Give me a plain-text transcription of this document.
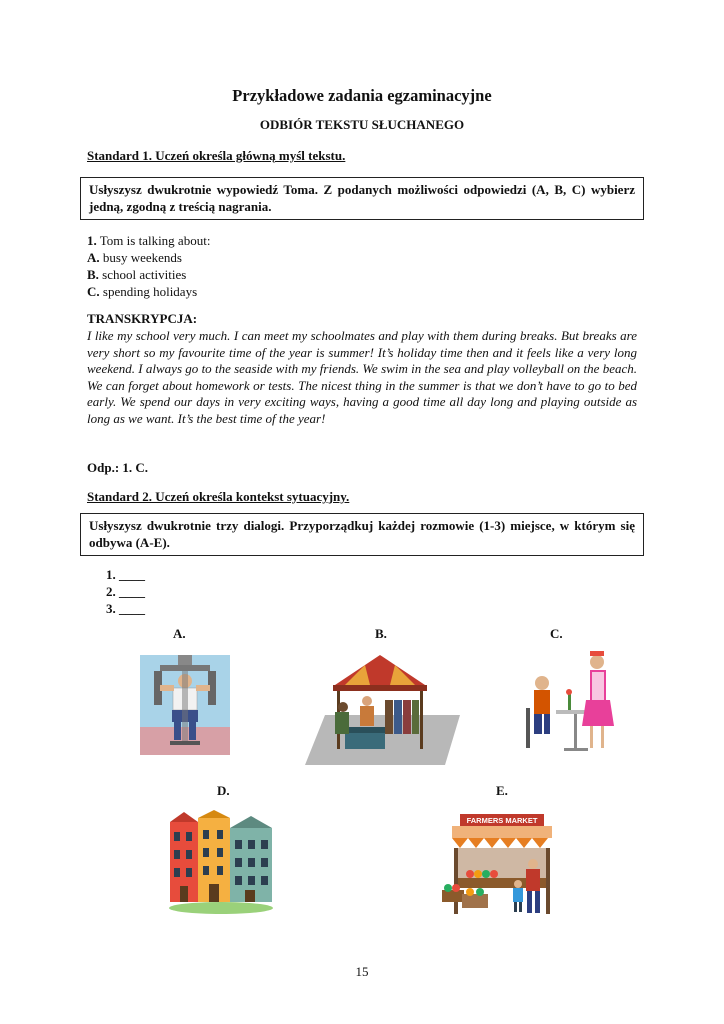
Przykładowe zadania egzaminacyjne
ODBIÓR TEKSTU SŁUCHANEGO
Standard 1. Uczeń określa główną myśl tekstu.
Usłyszysz dwukrotnie wypowiedź Toma. Z podanych możliwości odpowiedzi (A, B, C) wybierz jedną, zgodną z treścią nagrania.
1. Tom is talking about:
A. busy weekends
B. school activities
C. spending holidays
TRANSKRYPCJA:
I like my school very much. I can meet my schoolmates and play with them during breaks. But breaks are very short so my favourite time of the year is summer! It’s holiday time then and it feels like a very long weekend. I always go to the seaside with my friends. We swim in the sea and play volleyball on the beach. We can forget about homework or tests. The nicest thing in the summer is that we don’t have to go to bed early. We spend our days in very exciting ways, having a good time all day long and playing outside as long as we want. It’s the best time of the year!
Odp.: 1. C.
Standard 2. Uczeń określa kontekst sytuacyjny.
Usłyszysz dwukrotnie trzy dialogi. Przyporządkuj każdej rozmowie (1-3) miejsce, w którym się odbywa (A-E).
1. ____
2. ____
3. ____
A.	B.	C.
D.	E.
FARMERS MARKET
15
